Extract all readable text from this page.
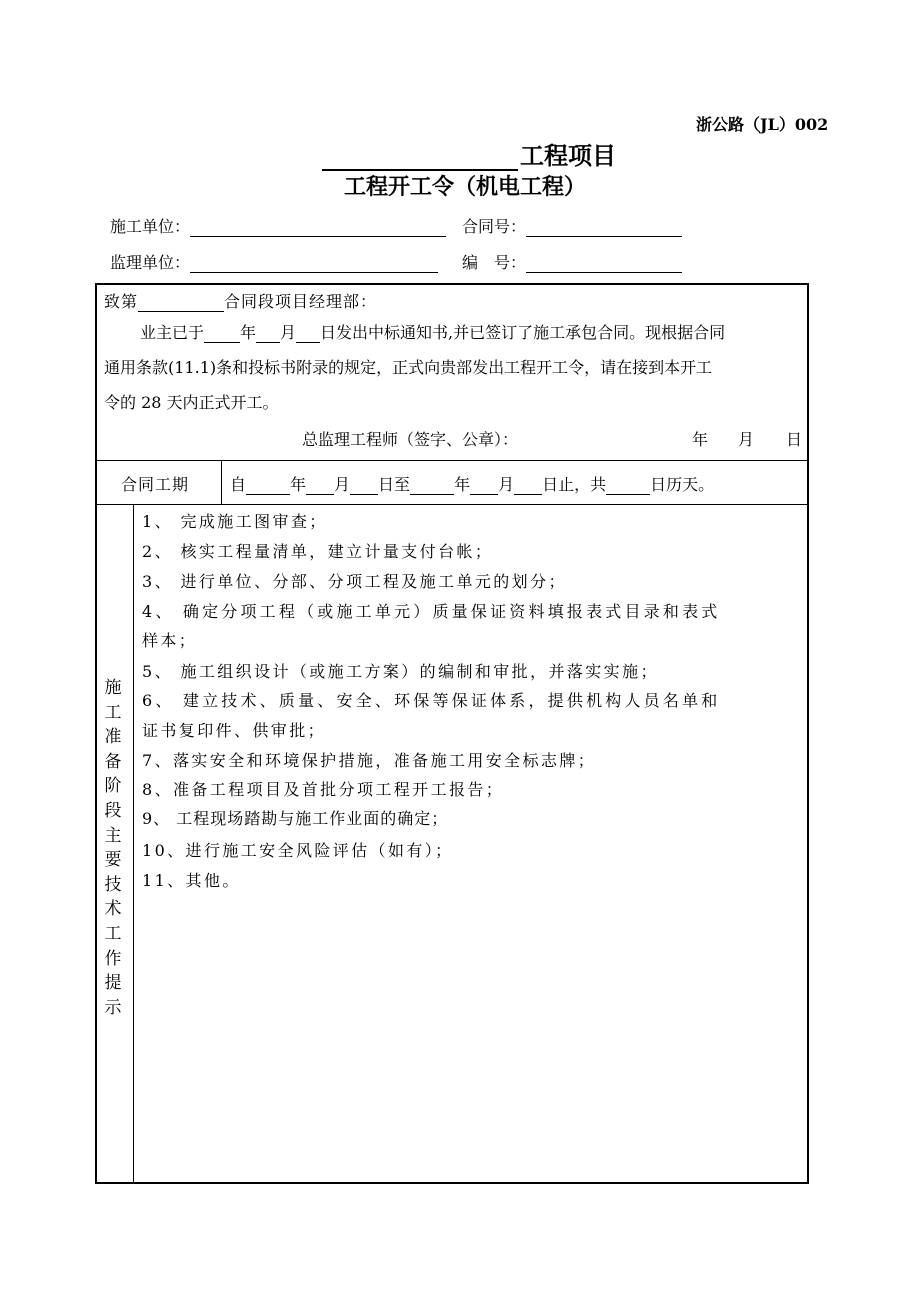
浙公路（JL）002
工程项目
工程开工令（机电工程）
施工单位：	合同号：
监理单位：	编　号：
致第	合同段项目经理部：
业主已于 年 月 日发出中标通知书,并已签订了施工承包合同。现根据合同
通用条款(11.1)条和投标书附录的规定，正式向贵部发出工程开工令，请在接到本开工
令的 28 天内正式开工。
总监理工程师（签字、公章）：	年 月 日
合同工期	自	年 月 日至	年 月 日止，共	日历天。
施
工
准
备
阶
段
主
要
技
术
工
作
提
示
1、 完成施工图审查；
2、 核实工程量清单，建立计量支付台帐；
3、 进行单位、分部、分项工程及施工单元的划分；
4、 确定分项工程（或施工单元）质量保证资料填报表式目录和表式
样本；
5、 施工组织设计（或施工方案）的编制和审批，并落实实施；
6、 建立技术、质量、安全、环保等保证体系，提供机构人员名单和
证书复印件、供审批；
7、落实安全和环境保护措施，准备施工用安全标志牌；
8、准备工程项目及首批分项工程开工报告；
9、 工程现场踏勘与施工作业面的确定；
10、进行施工安全风险评估（如有）；
11、其他。
